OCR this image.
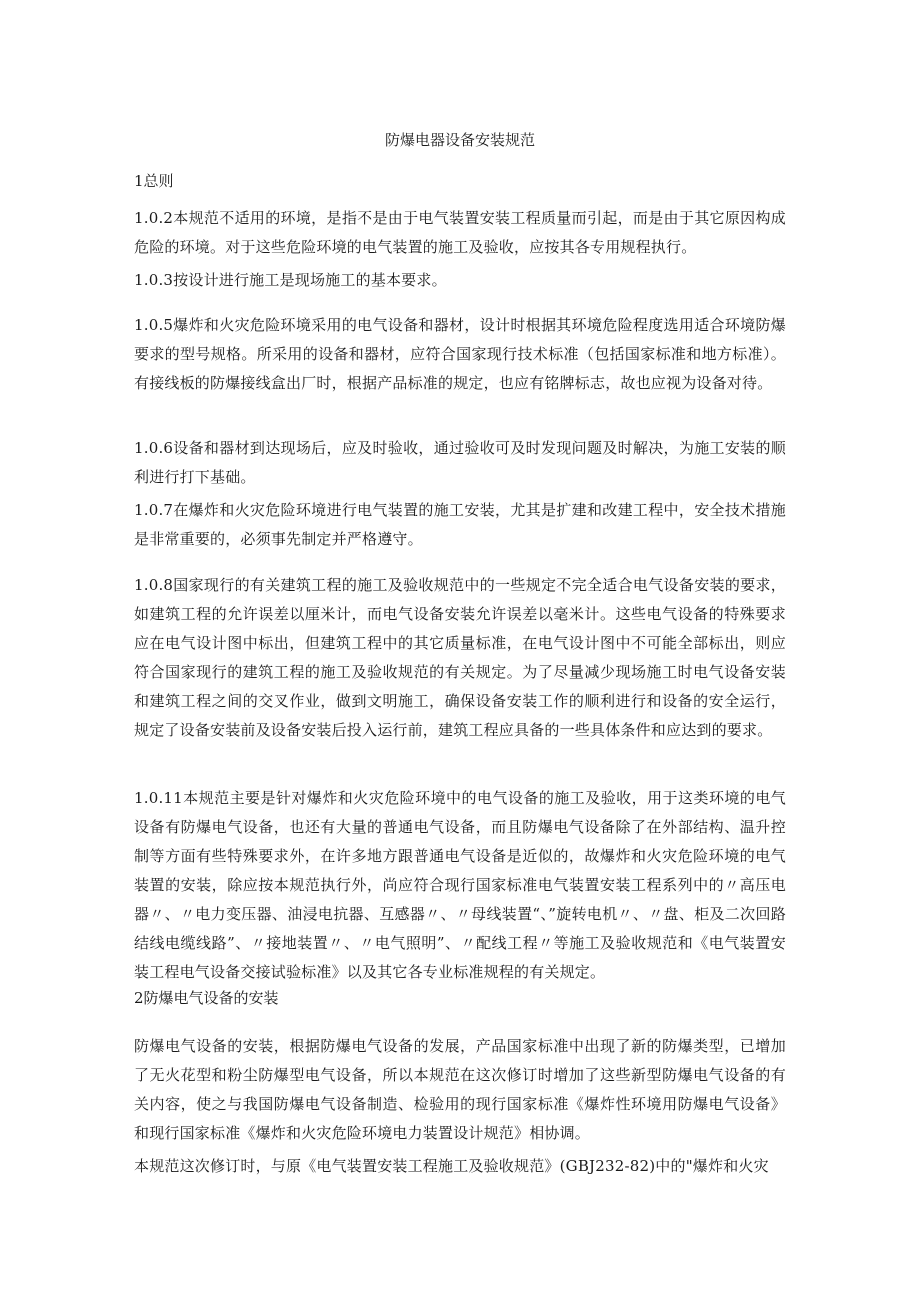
防爆电器设备安装规范

1总则

1.0.2本规范不适用的环境，是指不是由于电气装置安装工程质量而引起，而是由于其它原因构成危险的环境。对于这些危险环境的电气装置的施工及验收，应按其各专用规程执行。

1.0.3按设计进行施工是现场施工的基本要求。

1.0.5爆炸和火灾危险环境采用的电气设备和器材，设计时根据其环境危险程度选用适合环境防爆要求的型号规格。所采用的设备和器材，应符合国家现行技术标准（包括国家标准和地方标准）。有接线板的防爆接线盒出厂时，根据产品标准的规定，也应有铭牌标志，故也应视为设备对待。

1.0.6设备和器材到达现场后，应及时验收，通过验收可及时发现问题及时解决，为施工安装的顺利进行打下基础。

1.0.7在爆炸和火灾危险环境进行电气装置的施工安装，尤其是扩建和改建工程中，安全技术措施是非常重要的，必须事先制定并严格遵守。

1.0.8国家现行的有关建筑工程的施工及验收规范中的一些规定不完全适合电气设备安装的要求，如建筑工程的允许误差以厘米计，而电气设备安装允许误差以毫米计。这些电气设备的特殊要求应在电气设计图中标出，但建筑工程中的其它质量标准，在电气设计图中不可能全部标出，则应符合国家现行的建筑工程的施工及验收规范的有关规定。为了尽量减少现场施工时电气设备安装和建筑工程之间的交叉作业，做到文明施工，确保设备安装工作的顺利进行和设备的安全运行，规定了设备安装前及设备安装后投入运行前，建筑工程应具备的一些具体条件和应达到的要求。

1.0.11本规范主要是针对爆炸和火灾危险环境中的电气设备的施工及验收，用于这类环境的电气设备有防爆电气设备，也还有大量的普通电气设备，而且防爆电气设备除了在外部结构、温升控制等方面有些特殊要求外，在许多地方跟普通电气设备是近似的，故爆炸和火灾危险环境的电气装置的安装，除应按本规范执行外，尚应符合现行国家标准电气装置安装工程系列中的〃高压电器〃、〃电力变压器、油浸电抗器、互感器〃、〃母线装置“、”旋转电机〃、〃盘、柜及二次回路结线电缆线路”、〃接地装置〃、〃电气照明”、〃配线工程〃等施工及验收规范和《电气装置安装工程电气设备交接试验标准》以及其它各专业标准规程的有关规定。

2防爆电气设备的安装

防爆电气设备的安装，根据防爆电气设备的发展，产品国家标准中出现了新的防爆类型，已增加了无火花型和粉尘防爆型电气设备，所以本规范在这次修订时增加了这些新型防爆电气设备的有关内容，使之与我国防爆电气设备制造、检验用的现行国家标准《爆炸性环境用防爆电气设备》和现行国家标准《爆炸和火灾危险环境电力装置设计规范》相协调。

本规范这次修订时，与原《电气装置安装工程施工及验收规范》(GBJ232-82)中的"爆炸和火灾
